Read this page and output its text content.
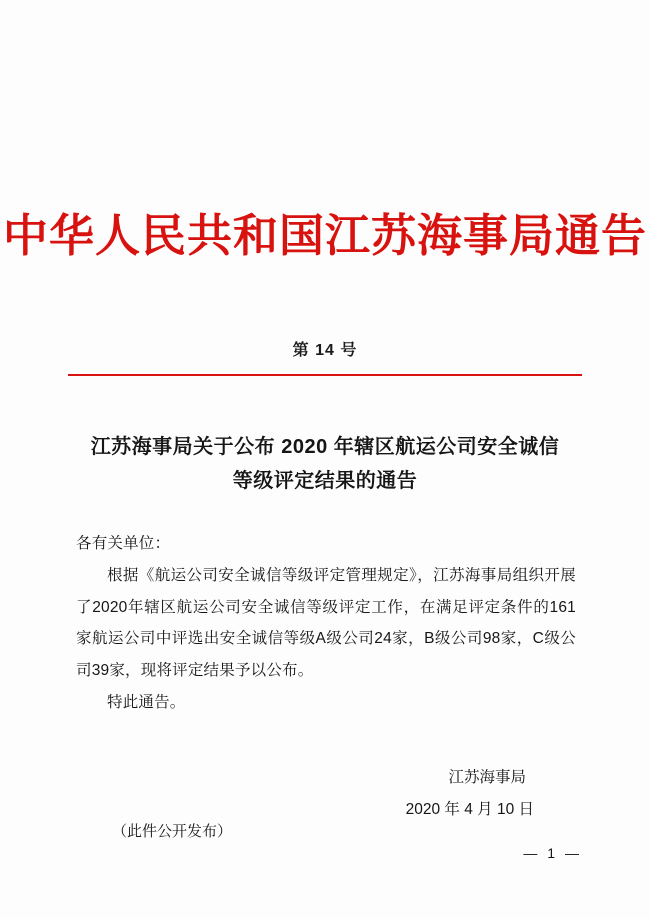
中华人民共和国江苏海事局通告
第 14 号
江苏海事局关于公布 2020 年辖区航运公司安全诚信等级评定结果的通告

各有关单位：

根据《航运公司安全诚信等级评定管理规定》，江苏海事局组织开展了2020年辖区航运公司安全诚信等级评定工作，在满足评定条件的161家航运公司中评选出安全诚信等级A级公司24家，B级公司98家，C级公司39家，现将评定结果予以公布。

特此通告。

江苏海事局
2020 年 4 月 10 日
（此件公开发布）
— 1 —
